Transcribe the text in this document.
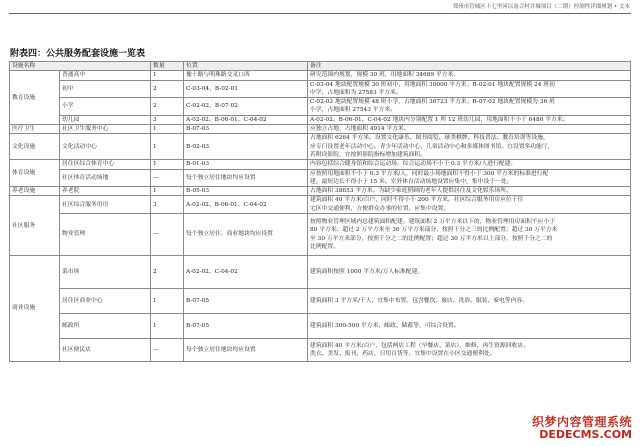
郑州市管城区十七里河以南合村并城项目（二期）控制性详细规划 • 文本
附表四：公共服务配套设施一览表
设施名称		数量	位置	备注
教育设施	普通高中	1	豫十路与明珠路交叉口西	研究范围内规划，规模 30 班，用地面积 34689 平方米。

	初中	2	C-03-04、B-02-01	C-03-04 地块配置规模 30 班初中，用地面积 30000 平方米；B-02-01 地块配置规模 24 班初
中学，占地面积为 27583 平方米。

	小学	2	C-02-02、B-07-02	C-02-02 地块配置规模 48 班小学，占地面积 36723 平方米；B-07-02 地块配置规模为 36 班
小学，占地面积 27543 平方米。

	幼儿园	3	A-02-02、B-06-01、C-04-02	A-02-02、B-06-01、C-04-02 地块内分别配置 1 所 12 班幼儿园，用地面积不小于 6480 平方米；

医疗卫生	社区卫生服务中心	1	B-07-03	应独立占地，占地面积 4914 平方米。

文化设施	文化活动中心	1	B-02-03	占地面积 6264 平方米。设置文化康乐、图书阅览、球类棋牌、科技普法、教育培训等设施，
应专门设置老年活动中心、青少年活动中心、儿童活动中心和多媒体图书馆。宜设置多功能厅，
若附设影院，宜按照影院指标增加建筑面积。

体育设施	居住区综合体育中心	1	B-01-03	内容包括综合健身馆和综合运动场，综合运动场不小于 0.3 平方米/人进行配建。

	社区体育活动场地	—	每个独立居住地块均应设置	应按照用地面积不小于 0.3 平方米/人，同时最小场地面积不得小于 300 平方米的标准进行配
建，最短边长不得小于 15 米。室外体育活动场地设置应集中，集中设于一处。

养老设施	养老院	1	B-05-03	占地面积 38653 平方米。为缺少家庭照顾的老年人提供居住及文化娱乐场所。

社区服务	社区综合服务用房	3	A-02-02、B-06-01、C-04-02	建筑面积 40 平方米/百户，同时不得小于 200 平方米。社区综合服务用房应位于住
宅区中交通便利，方便群众办事的位置，应集中设置。

	物业管理	—	每个独立居住、商业地块均应设置	按照物业管理区域内总建筑面积配建。建筑面积 2 万平方米以下的，物业管理用房面积不应小于
80 平方米；超过 2 万平方米至 30 万平方米部分，按照千分之三的比例配置；超过 30 万平方米
至 30 万平方米部分，按照千分之二的比例配置；超过 30 万平方米以上部分，按照千分之二的
比例配置。

商业设施	菜市场	2	A-02-02、C-04-02	建筑面积按照 1000 平方米/万人标准配建。

	居住区商业中心	1	B-07-05	建筑面积 3 平方米/千人，宜集中布置，包含餐饮、旅店、洗浴、服装、家电等内容。

	邮政所	1	B-07-05	建筑面积 300-500 平方米，邮政、储蓄等，可综合设置。

	社区便民店	—	每个独立居住地块均应设置	建筑面积 40 平方米/百户，包括两店工程（早餐店、菜店），维修、再生资源回收店、
洗衣、美发、报刊、药店、日用百货等。宜集中设置在小区交通便利处。
织梦内容管理系统
DEDECMS.COM
